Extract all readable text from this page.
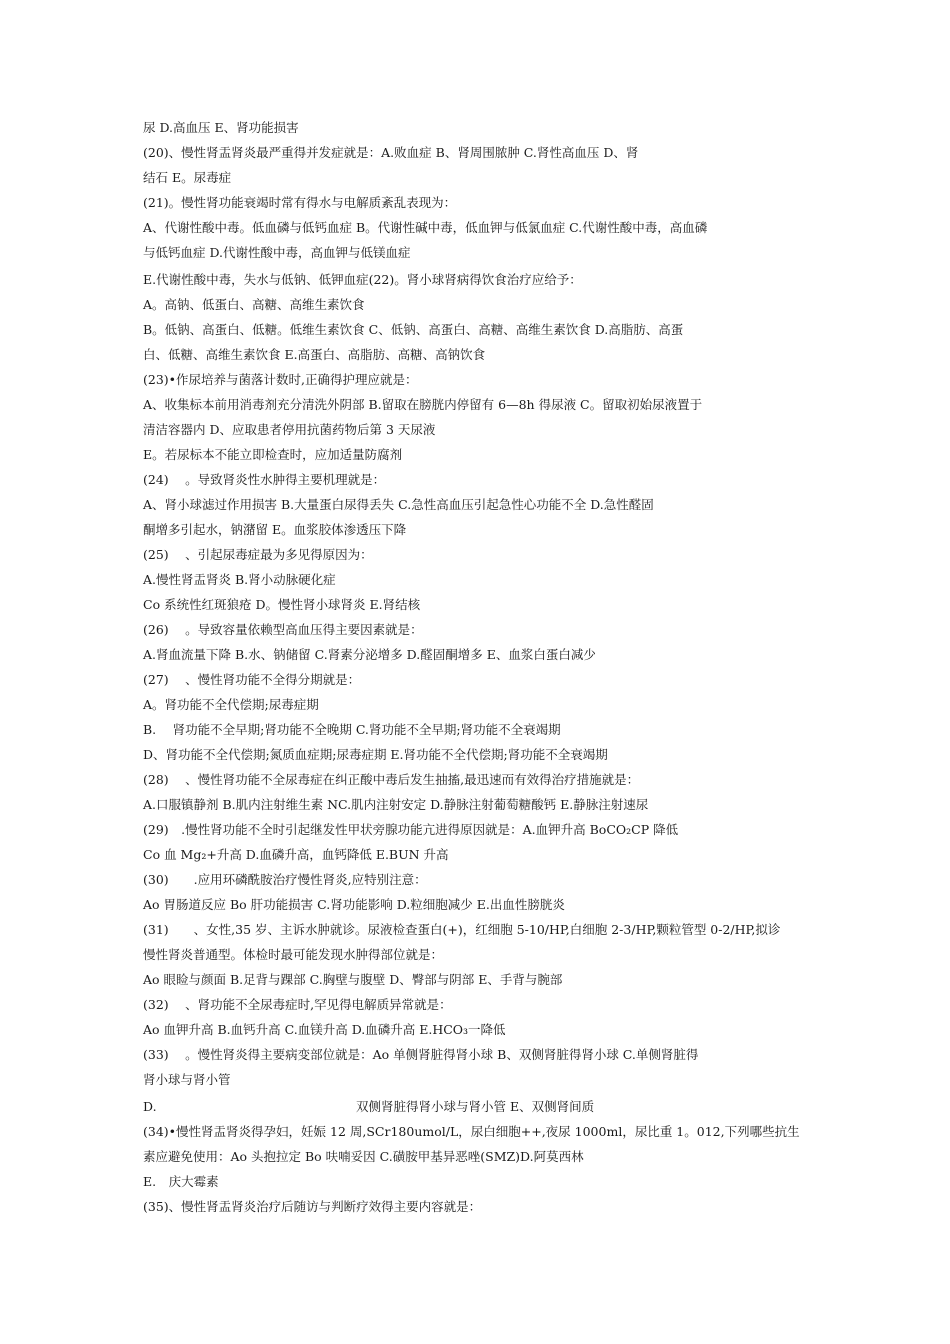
尿 D.高血压 E、肾功能损害
(20)、慢性肾盂肾炎最严重得并发症就是：A.败血症 B、肾周围脓肿 C.肾性高血压 D、肾
结石 E。尿毒症
(21)。慢性肾功能衰竭时常有得水与电解质紊乱表现为：
A、代谢性酸中毒。低血磷与低钙血症 B。代谢性碱中毒，低血钾与低氯血症 C.代谢性酸中毒，高血磷
与低钙血症 D.代谢性酸中毒，高血钾与低镁血症
E.代谢性酸中毒，失水与低钠、低钾血症(22)。肾小球肾病得饮食治疗应给予：
A。高钠、低蛋白、高糖、高维生素饮食
B。低钠、高蛋白、低糖。低维生素饮食 C、低钠、高蛋白、高糖、高维生素饮食 D.高脂肪、高蛋
白、低糖、高维生素饮食 E.高蛋白、高脂肪、高糖、高钠饮食
(23)•作尿培养与菌落计数时,正确得护理应就是：
A、收集标本前用消毒剂充分清洗外阴部 B.留取在膀胱内停留有 6—8h 得尿液 C。留取初始尿液置于
清洁容器内 D、应取患者停用抗菌药物后第 3 天尿液
E。若尿标本不能立即检查时，应加适量防腐剂
(24)　 。导致肾炎性水肿得主要机理就是：
A、肾小球滤过作用损害 B.大量蛋白尿得丢失 C.急性高血压引起急性心功能不全 D.急性醛固
酮增多引起水，钠潴留 E。血浆胶体渗透压下降
(25)　 、引起尿毒症最为多见得原因为：
A.慢性肾盂肾炎 B.肾小动脉硬化症
Co 系统性红斑狼疮 D。慢性肾小球肾炎 E.肾结核
(26)　 。导致容量依赖型高血压得主要因素就是：
A.肾血流量下降 B.水、钠储留 C.肾素分泌增多 D.醛固酮增多 E、血浆白蛋白减少
(27)　 、慢性肾功能不全得分期就是：
A。肾功能不全代偿期;尿毒症期
B.　 肾功能不全早期;肾功能不全晚期 C.肾功能不全早期;肾功能不全衰竭期
D、肾功能不全代偿期;氮质血症期;尿毒症期 E.肾功能不全代偿期;肾功能不全衰竭期
(28)　 、慢性肾功能不全尿毒症在纠正酸中毒后发生抽搐,最迅速而有效得治疗措施就是：
A.口服镇静剂 B.肌内注射维生素 NC.肌内注射安定 D.静脉注射葡萄糖酸钙 E.静脉注射速尿
(29)　.慢性肾功能不全时引起继发性甲状旁腺功能亢进得原因就是：A.血钾升高 BoCO₂CP 降低
Co 血 Mg₂+升高 D.血磷升高，血钙降低 E.BUN 升高
(30)　　.应用环磷酰胺治疗慢性肾炎,应特别注意：
Ao 胃肠道反应 Bo 肝功能损害 C.肾功能影响 D.粒细胞减少 E.出血性膀胱炎
(31)　　、女性,35 岁、主诉水肿就诊。尿液检查蛋白(+)，红细胞 5-10/HP,白细胞 2-3/HP,颗粒管型 0-2/HP,拟诊
慢性肾炎普通型。体检时最可能发现水肿得部位就是：
Ao 眼睑与颜面 B.足背与踝部 C.胸壁与腹壁 D、臀部与阴部 E、手背与腕部
(32)　 、肾功能不全尿毒症时,罕见得电解质异常就是：
Ao 血钾升高 B.血钙升高 C.血镁升高 D.血磷升高 E.HCO₃一降低
(33)　 。慢性肾炎得主要病变部位就是：Ao 单侧肾脏得肾小球 B、双侧肾脏得肾小球 C.单侧肾脏得
肾小球与肾小管
D.	双侧肾脏得肾小球与肾小管 E、双侧肾间质
(34)•慢性肾盂肾炎得孕妇，妊娠 12 周,SCr180umol/L，尿白细胞++,夜尿 1000ml，尿比重 1。012,下列哪些抗生
素应避免使用：Ao 头抱拉定 Bo 呋喃妥因 C.磺胺甲基异恶唑(SMZ)D.阿莫西林
E.　庆大霉素
(35)、慢性肾盂肾炎治疗后随访与判断疗效得主要内容就是：
